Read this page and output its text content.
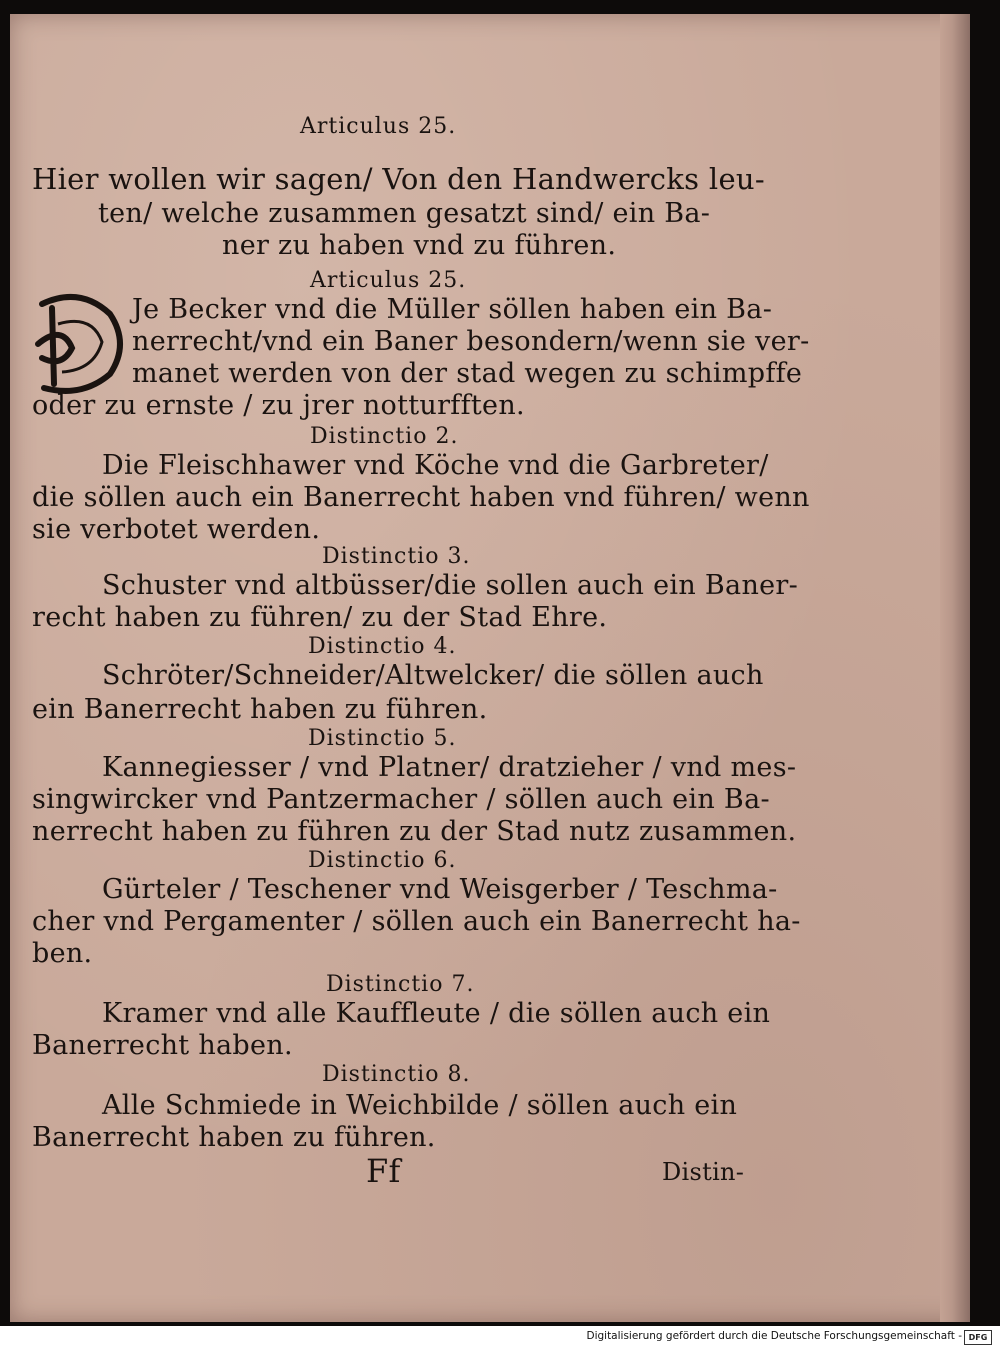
Articulus 25.
Hier wollen wir sagen/ Von den Handwercks leu-
ten/ welche zusammen gesatzt sind/ ein Ba-
ner zu haben vnd zu führen.
Articulus 25.
Je Becker vnd die Müller söllen haben ein Ba-
nerrecht/vnd ein Baner besondern/wenn sie ver-
manet werden von der stad wegen zu schimpffe
oder zu ernste / zu jrer notturfften.
Distinctio 2.
Die Fleischhawer vnd Köche vnd die Garbreter/
die söllen auch ein Banerrecht haben vnd führen/ wenn
sie verbotet werden.
Distinctio 3.
Schuster vnd altbüsser/die sollen auch ein Baner-
recht haben zu führen/ zu der Stad Ehre.
Distinctio 4.
Schröter/Schneider/Altwelcker/ die söllen auch
ein Banerrecht haben zu führen.
Distinctio 5.
Kannegiesser / vnd Platner/ dratzieher / vnd mes-
singwircker vnd Pantzermacher / söllen auch ein Ba-
nerrecht haben zu führen zu der Stad nutz zusammen.
Distinctio 6.
Gürteler / Teschener vnd Weisgerber / Teschma-
cher vnd Pergamenter / söllen auch ein Banerrecht ha-
ben.
Distinctio 7.
Kramer vnd alle Kauffleute / die söllen auch ein
Banerrecht haben.
Distinctio 8.
Alle Schmiede in Weichbilde / söllen auch ein
Banerrecht haben zu führen.
Ff	Distin-
Digitalisierung gefördert durch die Deutsche Forschungsgemeinschaft - DFG
